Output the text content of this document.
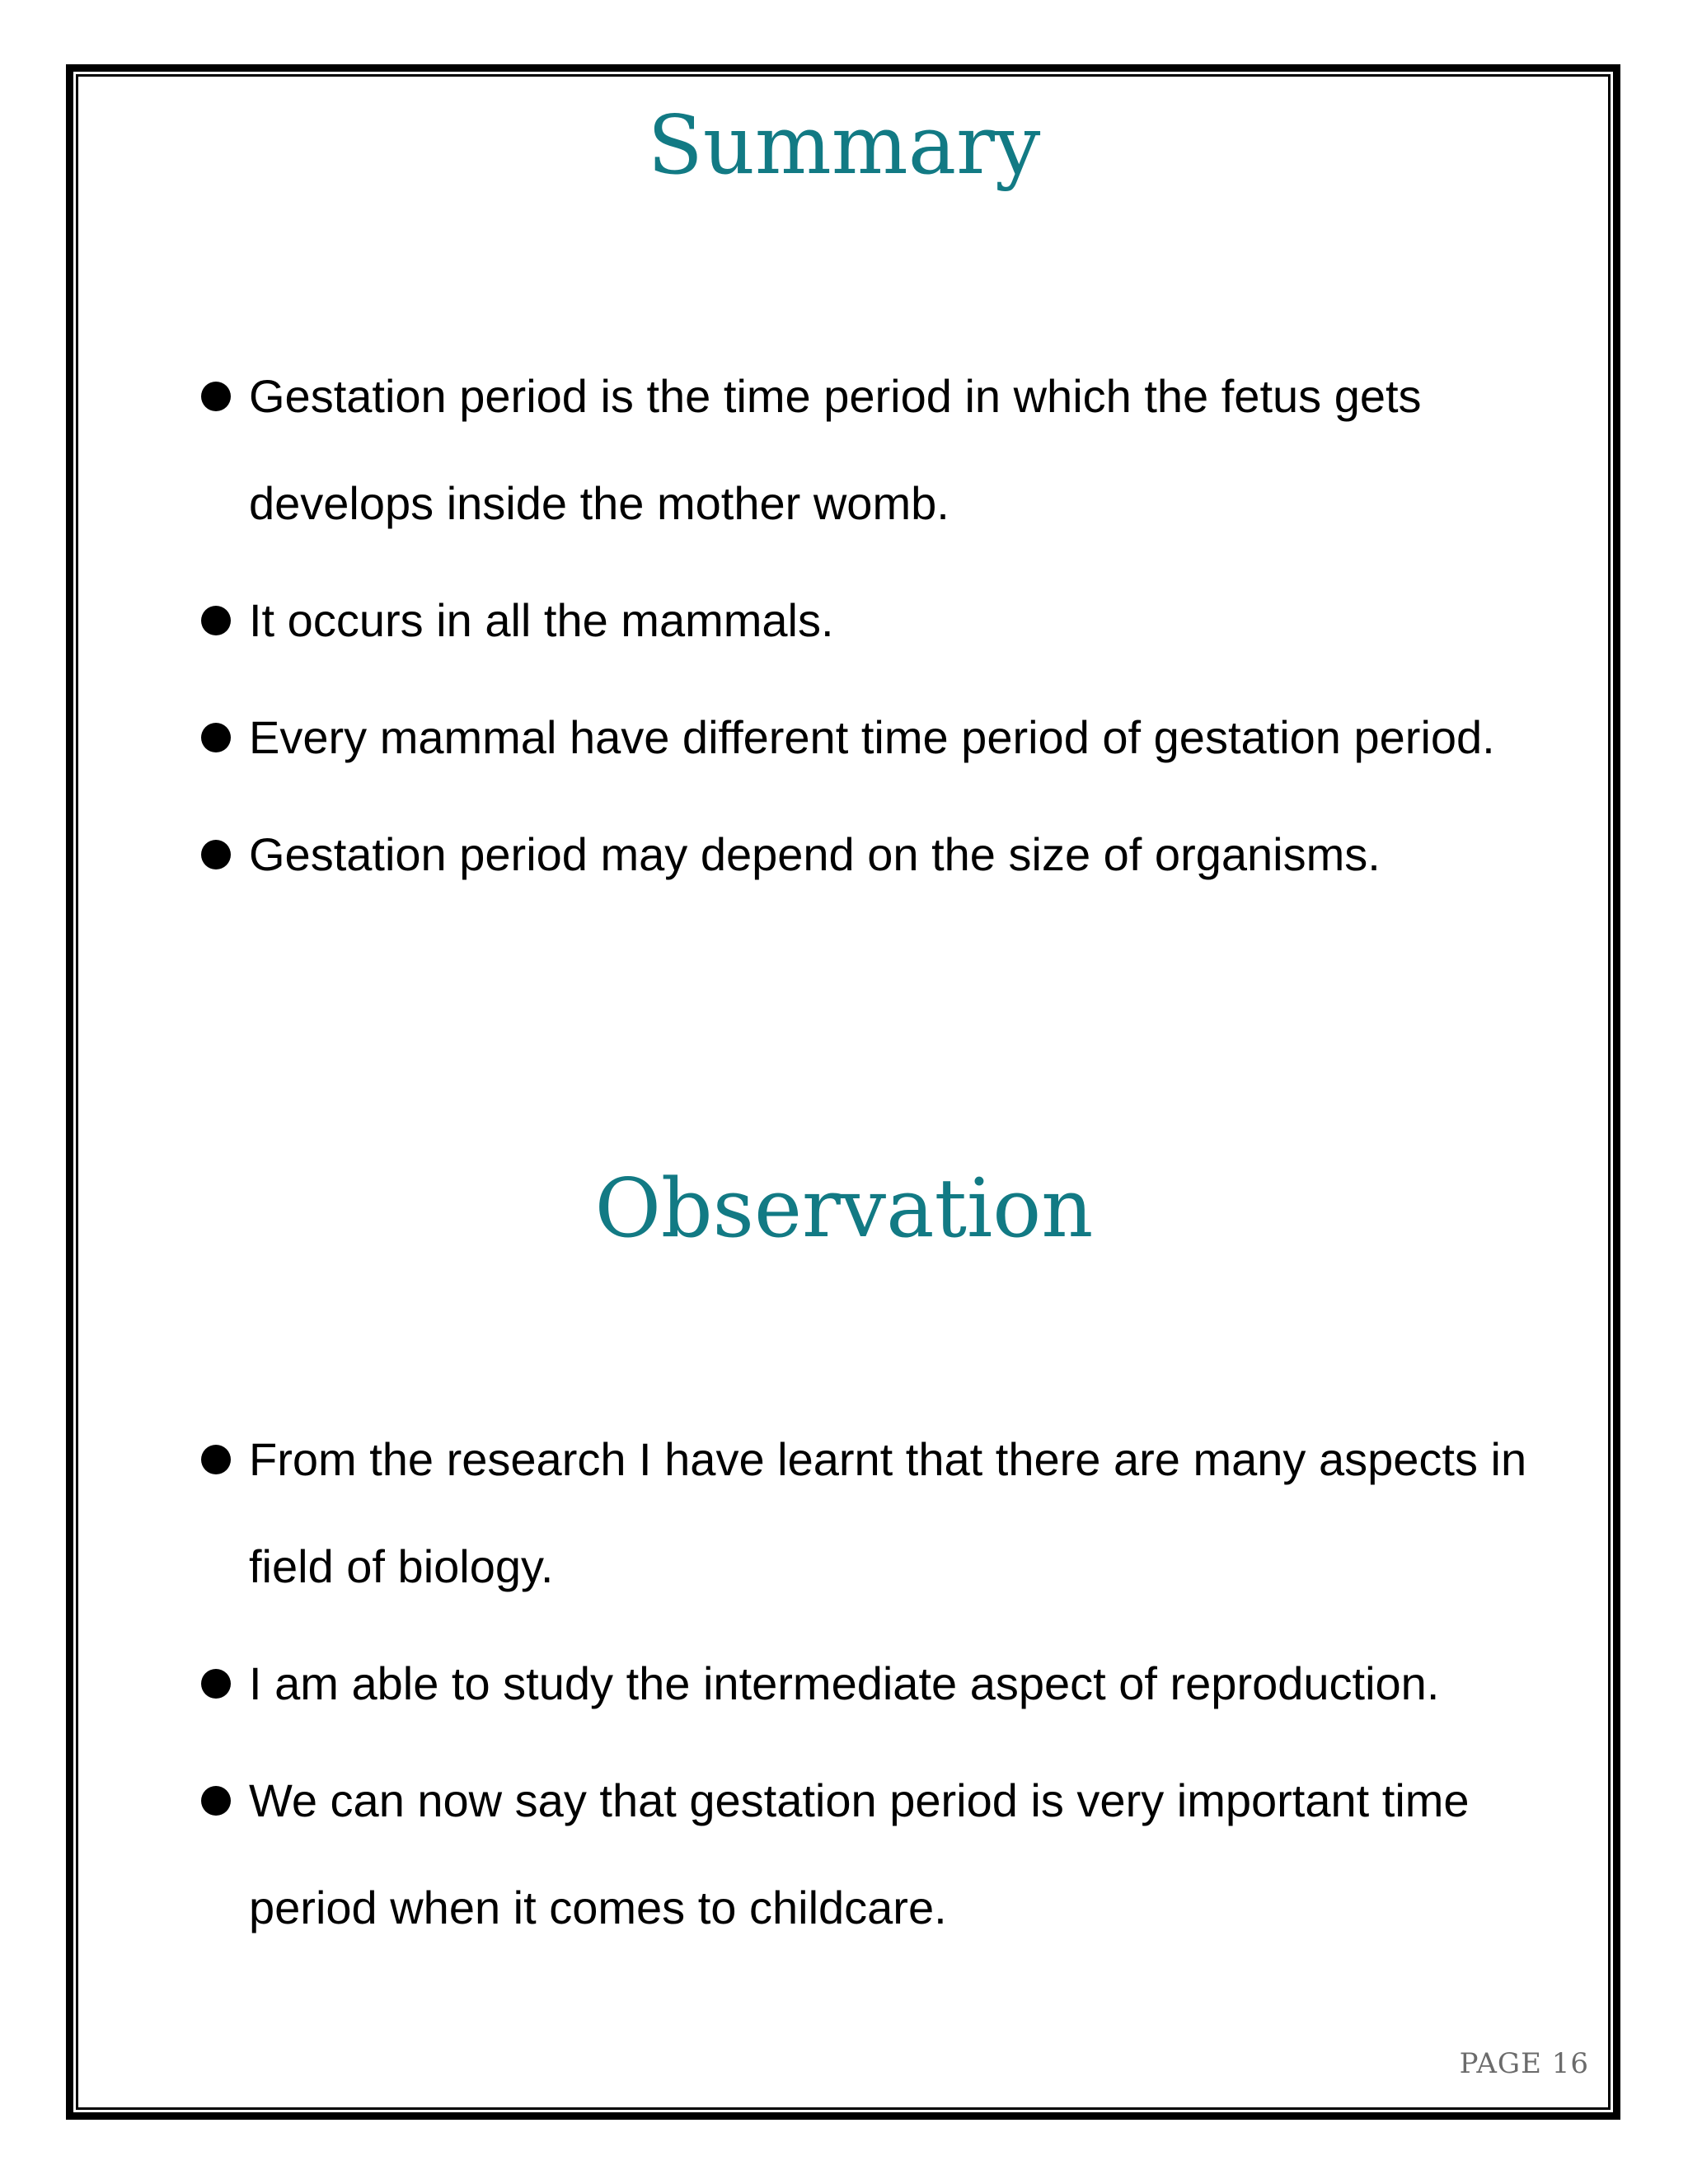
Summary
Gestation period is the time period in which the fetus gets develops inside the mother womb.
It occurs in all the mammals.
Every mammal have different time period of gestation period.
Gestation period may depend on the size of organisms.
Observation
From the research I have learnt that there are many aspects in field of biology.
I am able to study the intermediate aspect of reproduction.
We can now say that gestation period is very important time period when it comes to childcare.
PAGE 16
